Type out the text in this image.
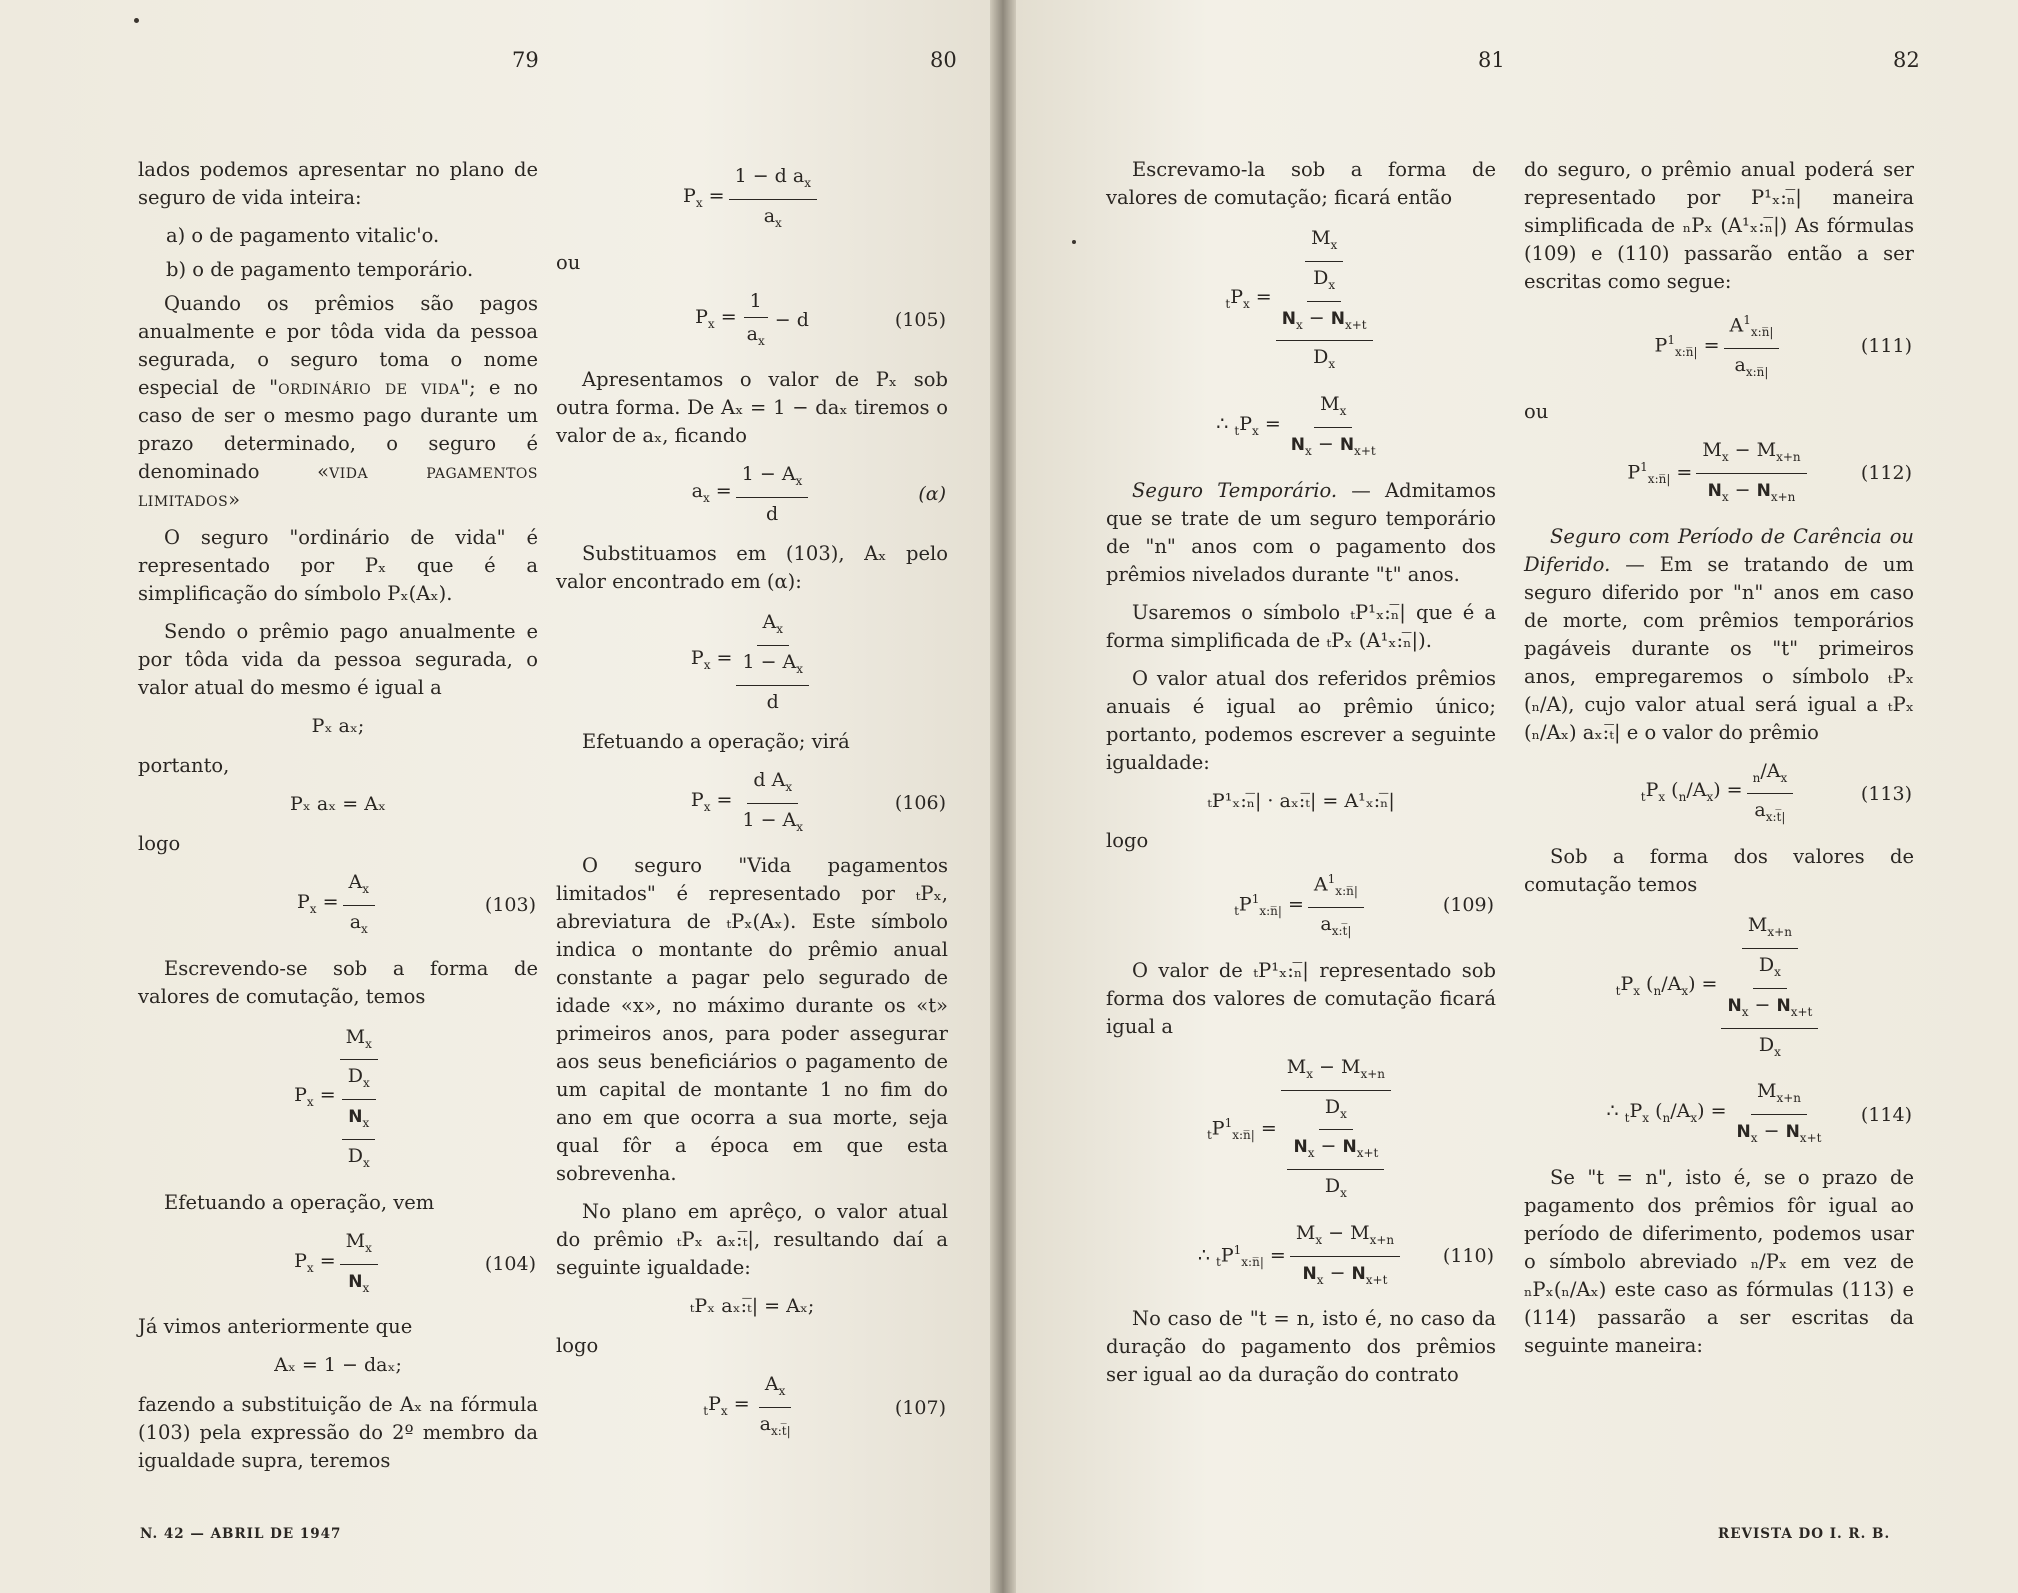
79	80	81	82

lados podemos apresentar no plano de seguro de vida inteira:

a) o de pagamento vitalic'o.

b) o de pagamento temporário.

Quando os prêmios são pagos anualmente e por tôda vida da pessoa segurada, o seguro toma o nome especial de "ordinário de vida"; e no caso de ser o mesmo pago durante um prazo determinado, o seguro é denominado «vida pagamentos limitados»

O seguro "ordinário de vida" é representado por Pₓ que é a simplificação do símbolo Pₓ(Aₓ).

Sendo o prêmio pago anualmente e por tôda vida da pessoa segurada, o valor atual do mesmo é igual a

Pₓ aₓ;

portanto,

Pₓ aₓ = Aₓ

logo

$P_x = \frac{A_x}{a_x}$	(103)

Escrevendo-se sob a forma de valores de comutação, temos

$P_x$ =
$M_x$
$D_x$
$N_x$
$D_x$

Efetuando a operação, vem

$P_x = \frac{M_x}{N_x}$	(104)

Já vimos anteriormente que

Aₓ = 1 − daₓ;

fazendo a substituição de Aₓ na fórmula (103) pela expressão do 2º membro da igualdade supra, teremos

$P_x = \frac{1 - d a_x}{a_x}$

ou

$P_x = \frac{1}{a_x} - d$	(105)

Apresentamos o valor de Pₓ sob outra forma. De Aₓ = 1 − daₓ tiremos o valor de aₓ, ficando

$a_x = \frac{1 - A_x}{d}$	(α)

Substituamos em (103), Aₓ pelo valor encontrado em (α):

$P_x$ =
$A_x$
$1 - A_x$
d

Efetuando a operação; virá

$P_x = \frac{d A_x}{1 - A_x}$	(106)

O seguro "Vida pagamentos limitados" é representado por ₜPₓ, abreviatura de ₜPₓ(Aₓ). Este símbolo indica o montante do prêmio anual constante a pagar pelo segurado de idade «x», no máximo durante os «t» primeiros anos, para poder assegurar aos seus beneficiários o pagamento de um capital de montante 1 no fim do ano em que ocorra a sua morte, seja qual fôr a época em que esta sobrevenha.

No plano em aprêço, o valor atual do prêmio ₜPₓ aₓ:ₜ̅|, resultando daí a seguinte igualdade:

ₜPₓ aₓ:ₜ̅| = Aₓ;

logo

$_tP_x = \frac{A_x}{a_{x:t̅|}}$	(107)

Escrevamo-la sob a forma de valores de comutação; ficará então

$_tP_x$ =
$M_x$
$D_x$
$N_x - N_{x+t}$
$D_x$
∴ $_tP_x = \frac{M_x}{N_x - N_{x+t}}$

Seguro Temporário. — Admitamos que se trate de um seguro temporário de "n" anos com o pagamento dos prêmios nivelados durante "t" anos.

Usaremos o símbolo ₜP¹ₓ:ₙ̅| que é a forma simplificada de ₜPₓ (A¹ₓ:ₙ̅|).

O valor atual dos referidos prêmios anuais é igual ao prêmio único; portanto, podemos escrever a seguinte igualdade:

ₜP¹ₓ:ₙ̅| · aₓ:ₜ̅| = A¹ₓ:ₙ̅|

logo

$_tP^1_{x:n̅|} = \frac{A^1_{x:n̅|}}{a_{x:t̅|}}$	(109)

O valor de ₜP¹ₓ:ₙ̅| representado sob forma dos valores de comutação ficará igual a

$_tP^1_{x:n̅|}$ =
$M_x - M_{x+n}$
$D_x$
$N_x - N_{x+t}$
$D_x$
∴ $_tP^1_{x:n̅|} = \frac{M_x - M_{x+n}}{N_x - N_{x+t}} (110)$

No caso de "t = n, isto é, no caso da duração do pagamento dos prêmios ser igual ao da duração do contrato

do seguro, o prêmio anual poderá ser representado por P¹ₓ:ₙ̅| maneira simplificada de ₙPₓ (A¹ₓ:ₙ̅|) As fórmulas (109) e (110) passarão então a ser escritas como segue:

$P^1_{x:n̅|} = \frac{A^1_{x:n̅|}}{a_{x:n̅|}}$	(111)

ou

$P^1_{x:n̅|} = \frac{M_x - M_{x+n}}{N_x - N_{x+n}}$	(112)

Seguro com Período de Carência ou Diferido. — Em se tratando de um seguro diferido por "n" anos em caso de morte, com prêmios temporários pagáveis durante os "t" primeiros anos, empregaremos o símbolo ₜPₓ (ₙ/A), cujo valor atual será igual a ₜPₓ (ₙ/Aₓ) aₓ:ₜ̅| e o valor do prêmio

$_tP_x$ $(_n/A_x) = \frac{_n/A_x}{a_{x:t̅|}}$	(113)

Sob a forma dos valores de comutação temos

$_tP_x$ $(_n/A_x)$ =
$M_{x+n}$
$D_x$
$N_x - N_{x+t}$
$D_x$
∴ $_tP_x$ $(_n/A_x) = \frac{M_{x+n}}{N_x - N_{x+t}} (114)$

Se "t = n", isto é, se o prazo de pagamento dos prêmios fôr igual ao período de diferimento, podemos usar o símbolo abreviado ₙ/Pₓ em vez de ₙPₓ(ₙ/Aₓ) este caso as fórmulas (113) e (114) passarão a ser escritas da seguinte maneira:

N. 42 — ABRIL DE 1947	REVISTA DO I. R. B.
